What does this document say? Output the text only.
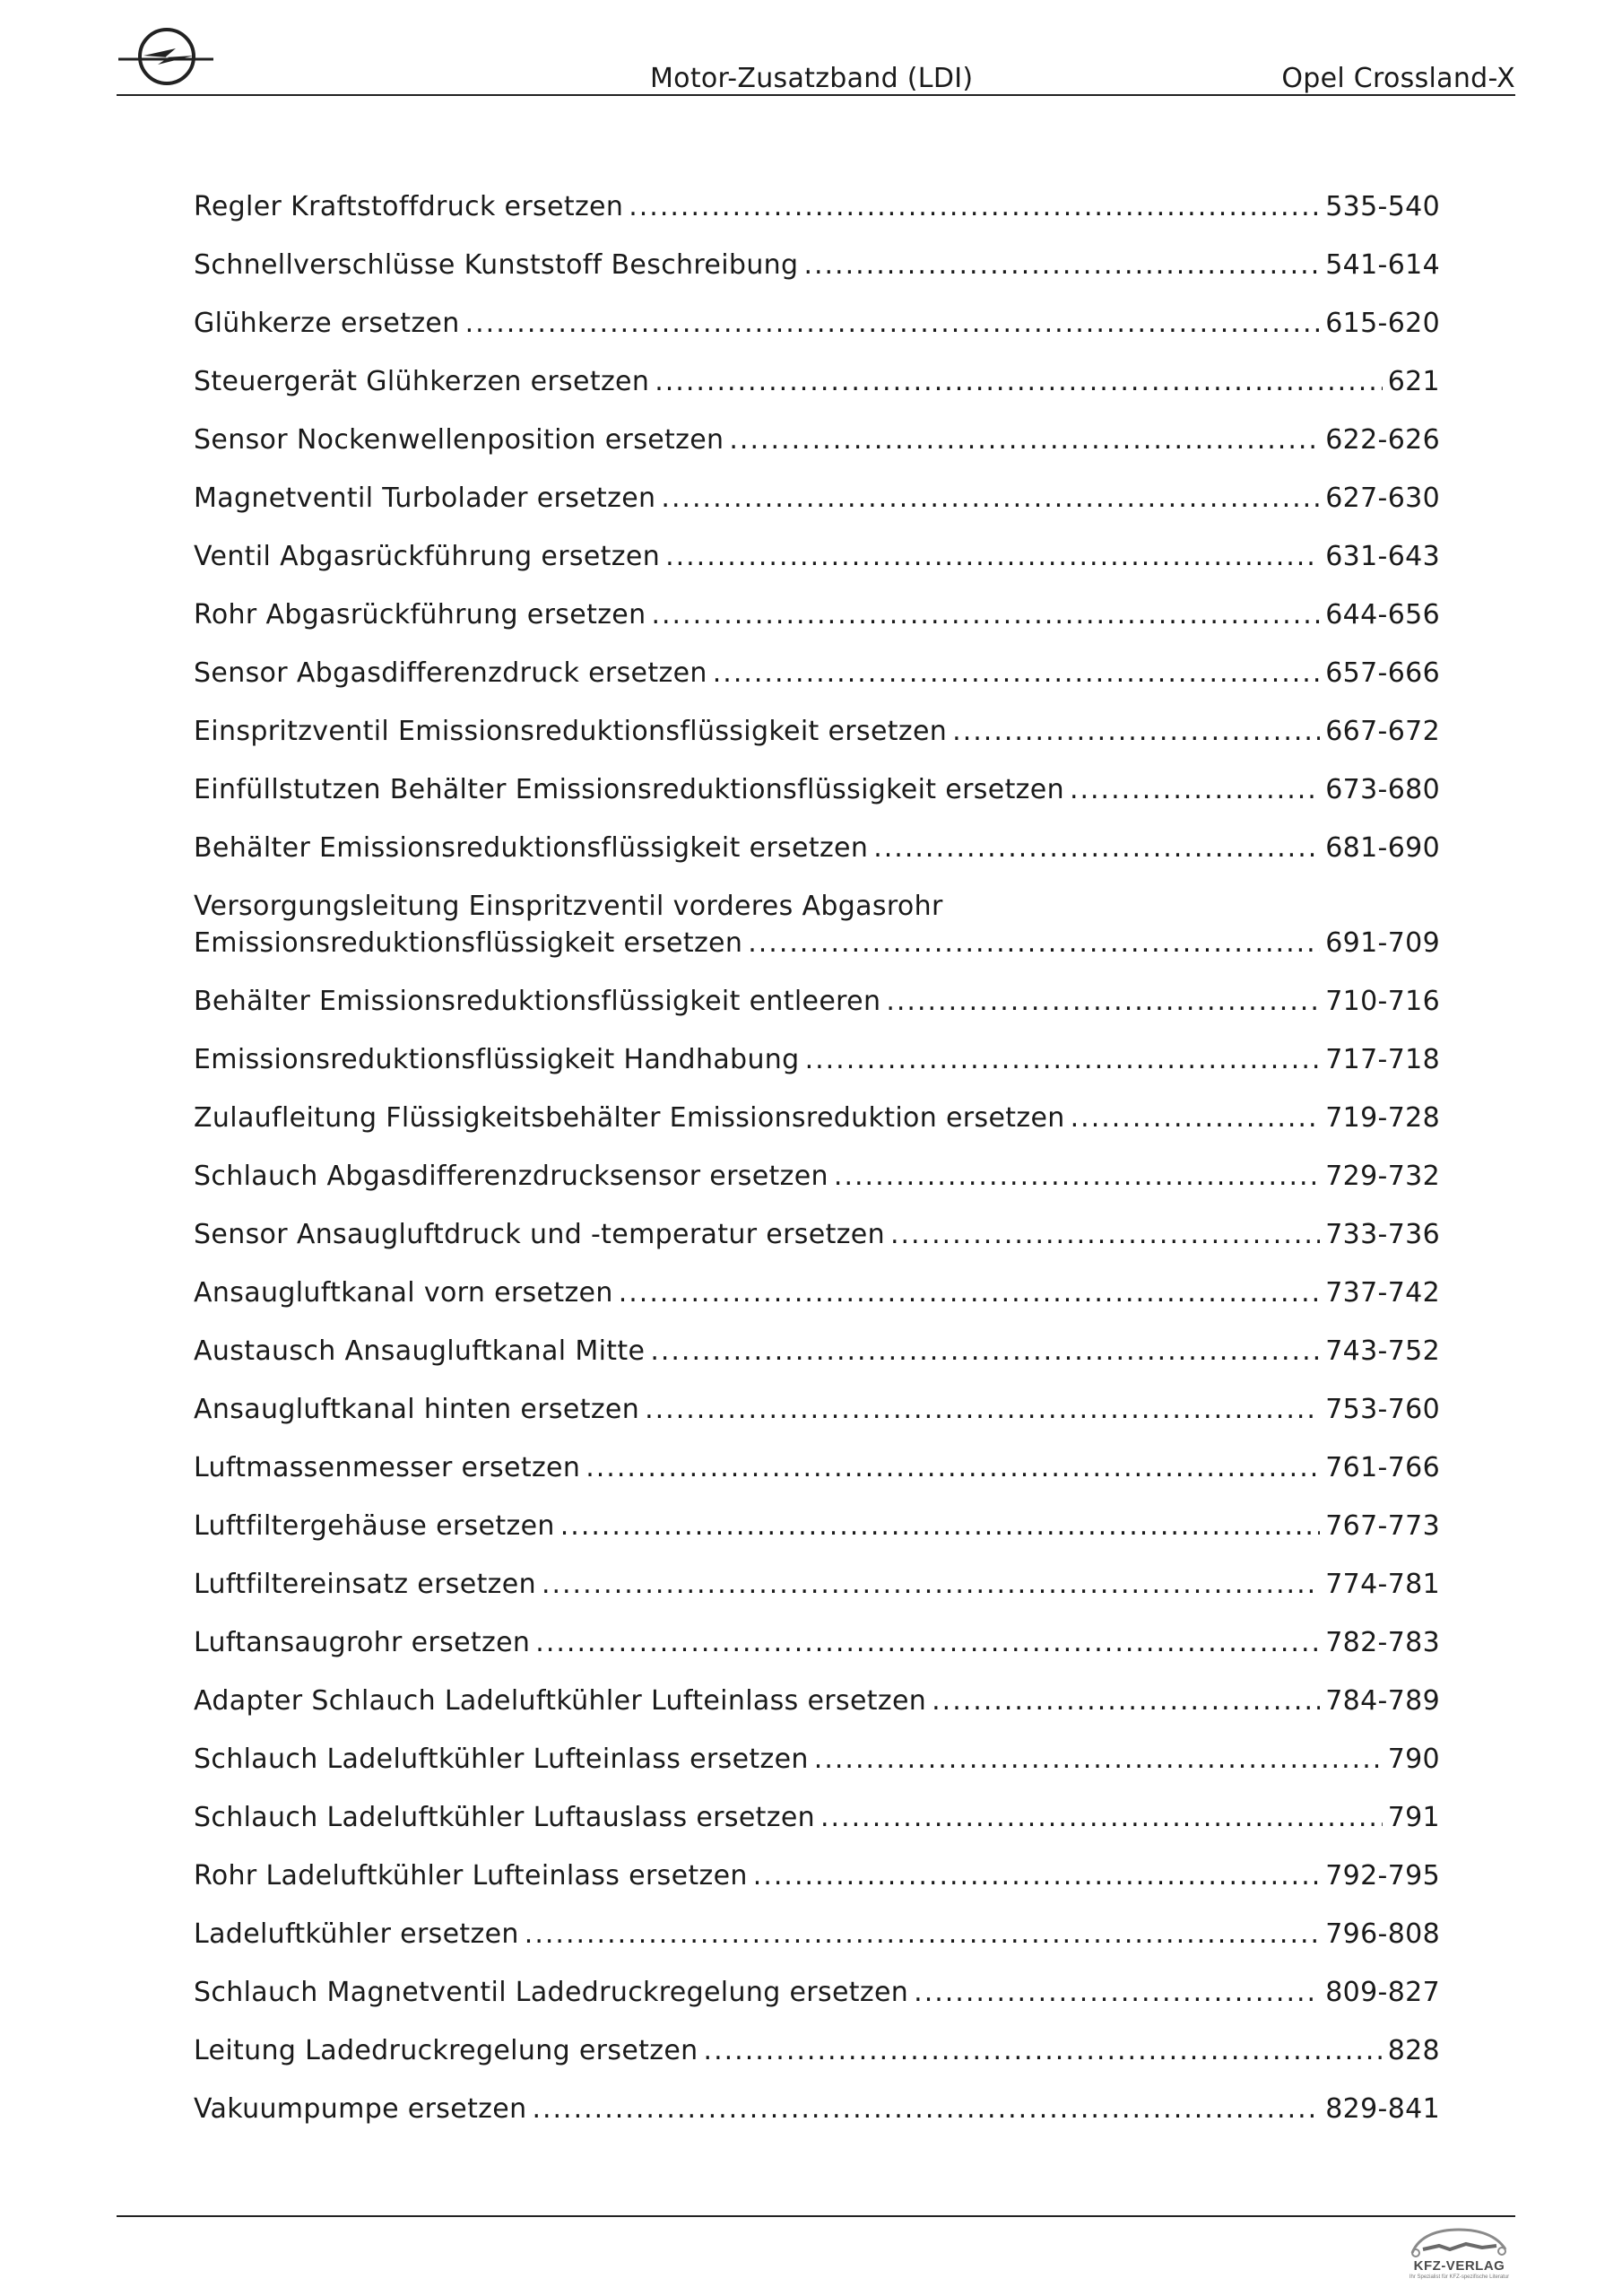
Motor-Zusatzband (LDI)	Opel Crossland-X
Regler Kraftstoffdruck ersetzen .....	535-540
Schnellverschlüsse Kunststoff Beschreibung .....	541-614
Glühkerze ersetzen .....	615-620
Steuergerät Glühkerzen ersetzen .....	621
Sensor Nockenwellenposition ersetzen .....	622-626
Magnetventil Turbolader ersetzen .....	627-630
Ventil Abgasrückführung ersetzen .....	631-643
Rohr Abgasrückführung ersetzen .....	644-656
Sensor Abgasdifferenzdruck ersetzen .....	657-666
Einspritzventil Emissionsreduktionsflüssigkeit ersetzen .....	667-672
Einfüllstutzen Behälter Emissionsreduktionsflüssigkeit ersetzen .....	673-680
Behälter Emissionsreduktionsflüssigkeit ersetzen .....	681-690
Versorgungsleitung Einspritzventil vorderes Abgasrohr
Emissionsreduktionsflüssigkeit ersetzen .....	691-709
Behälter Emissionsreduktionsflüssigkeit entleeren .....	710-716
Emissionsreduktionsflüssigkeit Handhabung .....	717-718
Zulaufleitung Flüssigkeitsbehälter Emissionsreduktion ersetzen .....	719-728
Schlauch Abgasdifferenzdrucksensor ersetzen .....	729-732
Sensor Ansaugluftdruck und -temperatur ersetzen .....	733-736
Ansaugluftkanal vorn ersetzen .....	737-742
Austausch Ansaugluftkanal Mitte .....	743-752
Ansaugluftkanal hinten ersetzen .....	753-760
Luftmassenmesser ersetzen .....	761-766
Luftfiltergehäuse ersetzen .....	767-773
Luftfiltereinsatz ersetzen .....	774-781
Luftansaugrohr ersetzen .....	782-783
Adapter Schlauch Ladeluftkühler Lufteinlass ersetzen .....	784-789
Schlauch Ladeluftkühler Lufteinlass ersetzen .....	790
Schlauch Ladeluftkühler Luftauslass ersetzen .....	791
Rohr Ladeluftkühler Lufteinlass ersetzen .....	792-795
Ladeluftkühler ersetzen .....	796-808
Schlauch Magnetventil Ladedruckregelung ersetzen .....	809-827
Leitung Ladedruckregelung ersetzen .....	828
Vakuumpumpe ersetzen .....	829-841
KFZ-VERLAG
Ihr Spezialist für KFZ-spezifische Literatur
